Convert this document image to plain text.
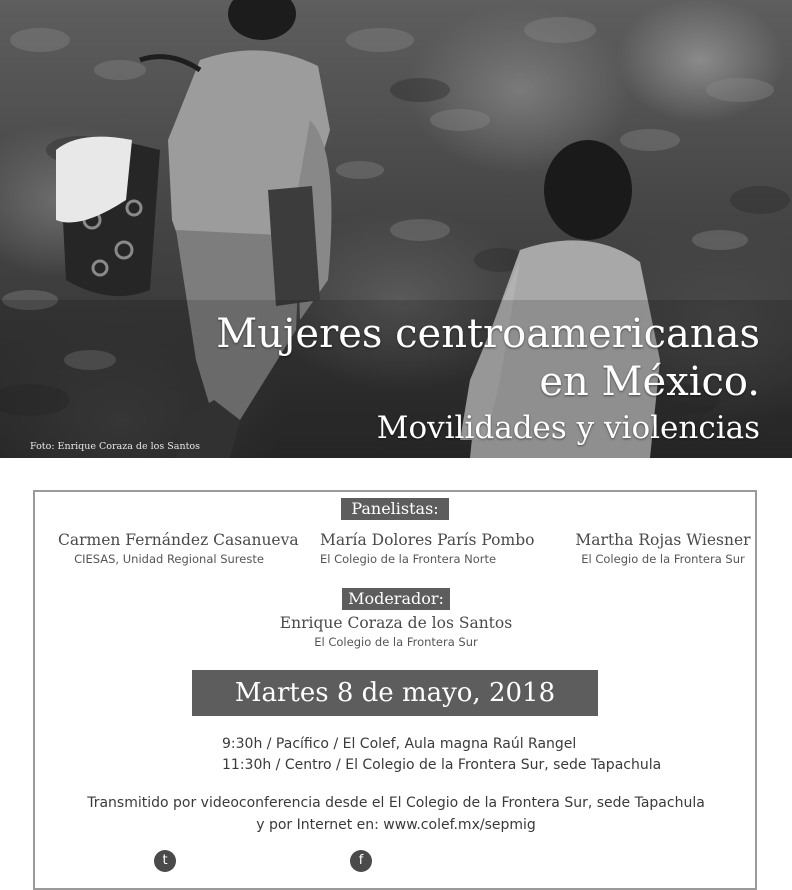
Foto: Enrique Coraza de los Santos
Mujeres centroamericanas
en México.
Movilidades y violencias
Panelistas:
Carmen Fernández Casanueva
CIESAS, Unidad Regional Sureste
María Dolores París Pombo
El Colegio de la Frontera Norte
Martha Rojas Wiesner
El Colegio de la Frontera Sur
Moderador:
Enrique Coraza de los Santos
El Colegio de la Frontera Sur
Martes 8 de mayo, 2018
9:30h / Pacífico / El Colef, Aula magna Raúl Rangel
11:30h / Centro / El Colegio de la Frontera Sur, sede Tapachula
Transmitido por videoconferencia desde el El Colegio de la Frontera Sur, sede Tapachula
y por Internet en: www.colef.mx/sepmig
t	f
